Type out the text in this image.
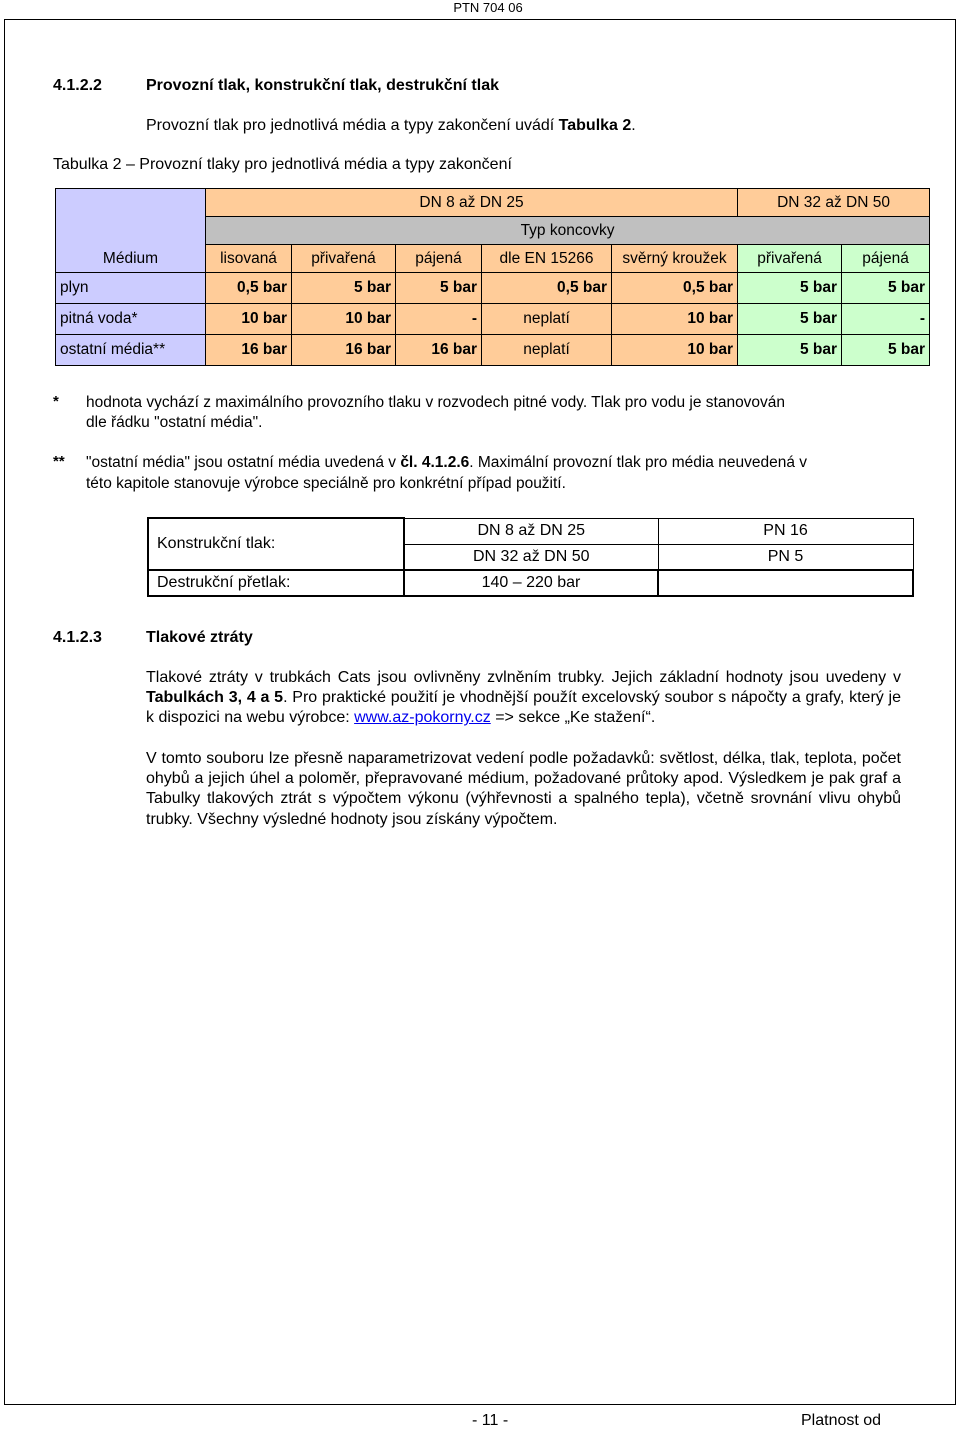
PTN 704 06
4.1.2.2	Provozní tlak, konstrukční tlak, destrukční tlak
Provozní tlak pro jednotlivá média a typy zakončení uvádí Tabulka 2.
Tabulka 2 – Provozní tlaky pro jednotlivá média a typy zakončení
Médium	DN 8 až DN 25					DN 32 až DN 50	
	Typ koncovky						
	lisovaná	přivařená	pájená	dle EN 15266	svěrný kroužek	přivařená	pájená
plyn	0,5 bar	5 bar	5 bar	0,5 bar	0,5 bar	5 bar	5 bar
pitná voda*	10 bar	10 bar	-	neplatí	10 bar	5 bar	-
ostatní média**	16 bar	16 bar	16 bar	neplatí	10 bar	5 bar	5 bar
* hodnota vychází z maximálního provozního tlaku v rozvodech pitné vody. Tlak pro vodu je stanovován
dle řádku "ostatní média".
** "ostatní média" jsou ostatní média uvedená v čl. 4.1.2.6. Maximální provozní tlak pro média neuvedená v
této kapitole stanovuje výrobce speciálně pro konkrétní případ použití.
Konstrukční tlak:	DN 8 až DN 25	PN 16
	DN 32 až DN 50	PN 5
Destrukční přetlak:	140 – 220 bar	
4.1.2.3	Tlakové ztráty
Tlakové ztráty v trubkách Cats jsou ovlivněny zvlněním trubky. Jejich základní hodnoty jsou uvedeny v Tabulkách 3, 4 a 5. Pro praktické použití je vhodnější použít excelovský soubor s nápočty a grafy, který je k dispozici na webu výrobce: www.az-pokorny.cz => sekce „Ke stažení“.
V tomto souboru lze přesně naparametrizovat vedení podle požadavků: světlost, délka, tlak, teplota, počet ohybů a jejich úhel a poloměr, přepravované médium, požadované průtoky apod. Výsledkem je pak graf a Tabulky tlakových ztrát s výpočtem výkonu (výhřevnosti a spalného tepla), včetně srovnání vlivu ohybů trubky. Všechny výsledné hodnoty jsou získány výpočtem.
- 11 -	Platnost od
